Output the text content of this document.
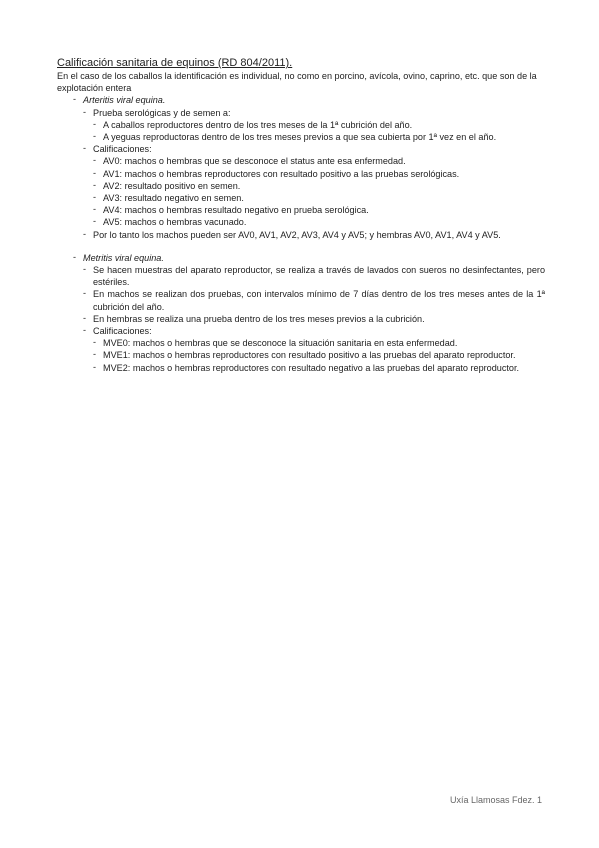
Calificación sanitaria de equinos (RD 804/2011).

En el caso de los caballos la identificación es individual, no como en porcino, avícola, ovino, caprino, etc. que son de la explotación entera

- Arteritis viral equina.
- Prueba serológicas y de semen a:
- A caballos reproductores dentro de los tres meses de la 1ª cubrición del año.
- A yeguas reproductoras dentro de los tres meses previos a que sea cubierta por 1ª vez en el año.
- Calificaciones:
- AV0: machos o hembras que se desconoce el status ante esa enfermedad.
- AV1: machos o hembras reproductores con resultado positivo a las pruebas serológicas.
- AV2: resultado positivo en semen.
- AV3: resultado negativo en semen.
- AV4: machos o hembras resultado negativo en prueba serológica.
- AV5: machos o hembras vacunado.
- Por lo tanto los machos pueden ser AV0, AV1, AV2, AV3, AV4 y AV5; y hembras AV0, AV1, AV4 y AV5.
- Metritis viral equina.
- Se hacen muestras del aparato reproductor, se realiza a través de lavados con sueros no desinfectantes, pero estériles.
- En machos se realizan dos pruebas, con intervalos mínimo de 7 días dentro de los tres meses antes de la 1ª cubrición del año.
- En hembras se realiza una prueba dentro de los tres meses previos a la cubrición.
- Calificaciones:
- MVE0: machos o hembras que se desconoce la situación sanitaria en esta enfermedad.
- MVE1: machos o hembras reproductores con resultado positivo a las pruebas del aparato reproductor.
- MVE2: machos o hembras reproductores con resultado negativo a las pruebas del aparato reproductor.
Uxía Llamosas Fdez. 1
